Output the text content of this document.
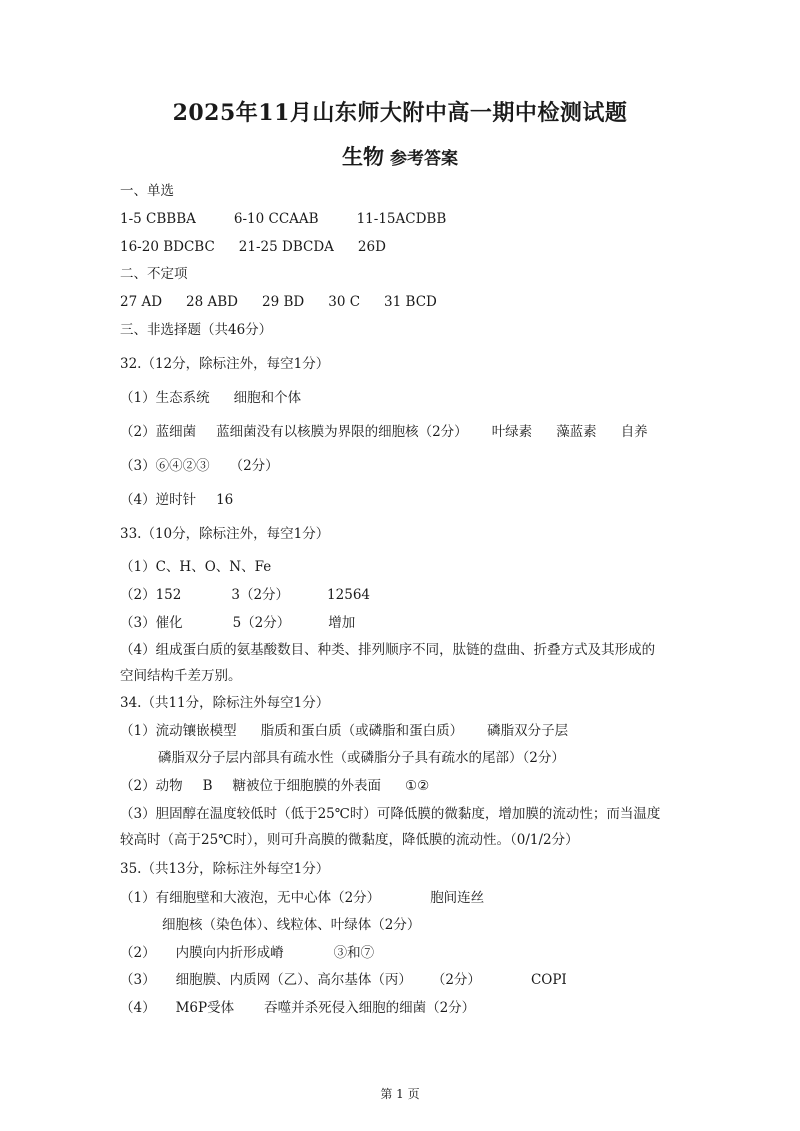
2025年11月山东师大附中高一期中检测试题
生物 参考答案
一、单选
1-5 CBBBA	6-10 CCAAB	11-15ACDBB
16-20 BDCBC 21-25 DBCDA 26D
二、不定项
27 AD 28 ABD 29 BD 30 C 31 BCD
三、非选择题（共46分）
32.（12分，除标注外，每空1分）
（1）生态系统 细胞和个体
（2）蓝细菌 蓝细菌没有以核膜为界限的细胞核（2分） 叶绿素 藻蓝素 自养
（3）⑥④②③ （2分）
（4）逆时针 16
33.（10分，除标注外，每空1分）
（1）C、H、O、N、Fe
（2）152	3（2分）	12564
（3）催化	5（2分）	增加
（4）组成蛋白质的氨基酸数目、种类、排列顺序不同，肽链的盘曲、折叠方式及其形成的
空间结构千差万别。
34.（共11分，除标注外每空1分）
（1）流动镶嵌模型 脂质和蛋白质（或磷脂和蛋白质） 磷脂双分子层
磷脂双分子层内部具有疏水性（或磷脂分子具有疏水的尾部）（2分）
（2）动物 B 糖被位于细胞膜的外表面 ①②
（3）胆固醇在温度较低时（低于25℃时）可降低膜的微黏度，增加膜的流动性；而当温度
较高时（高于25℃时），则可升高膜的微黏度，降低膜的流动性。（0/1/2分）
35.（共13分，除标注外每空1分）
（1）有细胞壁和大液泡，无中心体（2分）	胞间连丝
细胞核（染色体）、线粒体、叶绿体（2分）
（2） 内膜向内折形成嵴	③和⑦
（3） 细胞膜、内质网（乙）、高尔基体（丙） （2分）	COPI
（4） M6P受体 吞噬并杀死侵入细胞的细菌（2分）
第 1 页
